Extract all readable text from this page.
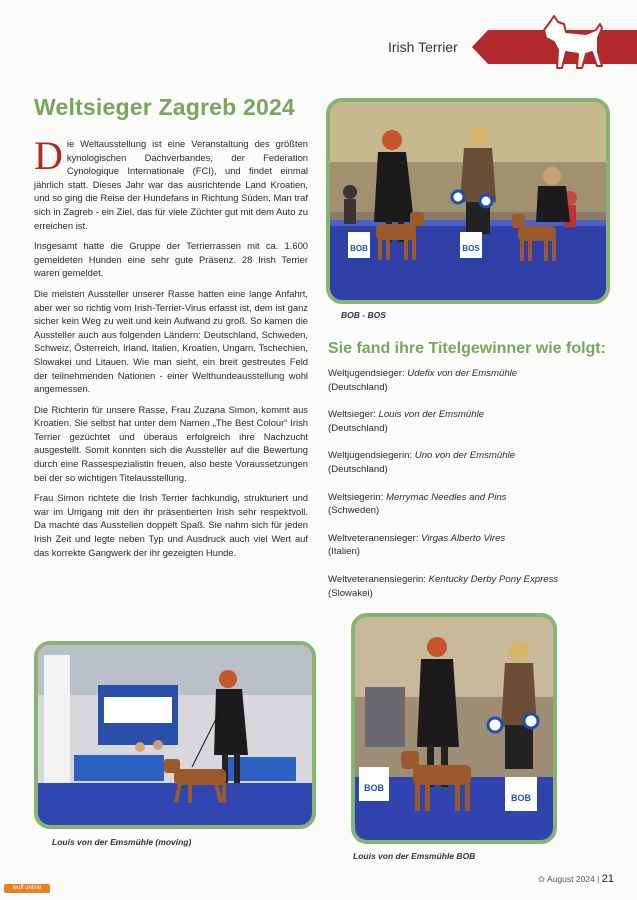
Irish Terrier
Weltsieger Zagreb 2024

Die Weltausstellung ist eine Veranstaltung des größten kynologischen Dachverbandes, der Federation Cynologique Internationale (FCI), und findet einmal jährlich statt. Dieses Jahr war das ausrichtende Land Kroatien, und so ging die Reise der Hundefans in Richtung Süden. Man traf sich in Zagreb - ein Ziel, das für viele Züchter gut mit dem Auto zu erreichen ist.

Insgesamt hatte die Gruppe der Terrierrassen mit ca. 1.600 gemeldeten Hunden eine sehr gute Präsenz. 28 Irish Terrier waren gemeldet.

Die meisten Aussteller unserer Rasse hatten eine lange Anfahrt, aber wer so richtig vom Irish-Terrier-Virus erfasst ist, dem ist ganz sicher kein Weg zu weit und kein Aufwand zu groß. So kamen die Aussteller auch aus folgenden Ländern: Deutschland, Schweden, Schweiz, Österreich, Irland, Italien, Kroatien, Ungarn, Tschechien, Slowakei und Litauen. Wie man sieht, ein breit gestreutes Feld der teilnehmenden Nationen - einer Welthundeausstellung wohl angemessen.

Die Richterin für unsere Rasse, Frau Zuzana Simon, kommt aus Kroatien. Sie selbst hat unter dem Namen „The Best Colour“ Irish Terrier gezüchtet und überaus erfolgreich ihre Nachzucht ausgestellt. Somit konnten sich die Aussteller auf die Bewertung durch eine Rassespezialistin freuen, also beste Voraussetzungen bei der so wichtigen Titelausstellung.

Frau Simon richtete die Irish Terrier fachkundig, strukturiert und war im Umgang mit den ihr präsentierten Irish sehr respektvoll. Da machte das Ausstellen doppelt Spaß. Sie nahm sich für jeden Irish Zeit und legte neben Typ und Ausdruck auch viel Wert auf das korrekte Gangwerk der ihr gezeigten Hunde.

BOB	BOS
BOB - BOS
Sie fand ihre Titelgewinner wie folgt:
Weltjugendsieger: Udefix von der Emsmühle
(Deutschland)
Weltsieger: Louis von der Emsmühle
(Deutschland)
Weltjugendsiegerin: Uno von der Emsmühle
(Deutschland)
Weltsiegerin: Merrymac Needles and Pins
(Schweden)
Weltveteranensieger: Virgas Alberto Vires
(Italien)
Weltveteranensiegerin: Kentucky Derby Pony Express
(Slowakei)
Louis von der Emsmühle (moving)
BOB
BOB
Louis von der Emsmühle BOB
wuff online
✿ August 2024 | 21
